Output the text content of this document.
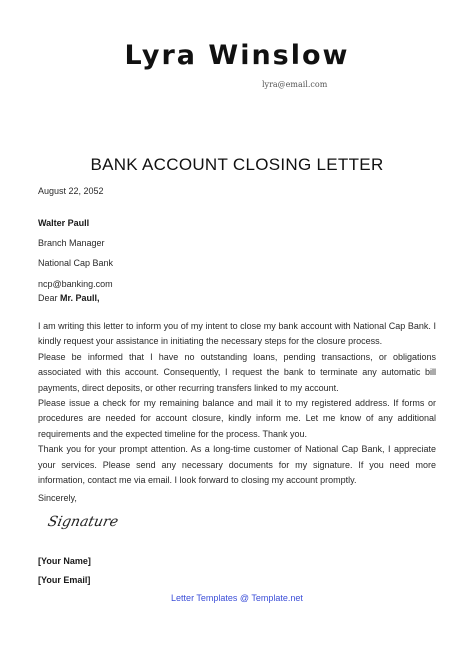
Lyra Winslow
lyra@email.com
BANK ACCOUNT CLOSING LETTER
August 22, 2052
Walter Paull
Branch Manager
National Cap Bank
ncp@banking.com
Dear Mr. Paull,

I am writing this letter to inform you of my intent to close my bank account with National Cap Bank. I kindly request your assistance in initiating the necessary steps for the closure process.

Please be informed that I have no outstanding loans, pending transactions, or obligations associated with this account. Consequently, I request the bank to terminate any automatic bill payments, direct deposits, or other recurring transfers linked to my account.

Please issue a check for my remaining balance and mail it to my registered address. If forms or procedures are needed for account closure, kindly inform me. Let me know of any additional requirements and the expected timeline for the process. Thank you.

Thank you for your prompt attention. As a long-time customer of National Cap Bank, I appreciate your services. Please send any necessary documents for my signature. If you need more information, contact me via email. I look forward to closing my account promptly.

Sincerely,
Signature
[Your Name]
[Your Email]
Letter Templates @ Template.net
